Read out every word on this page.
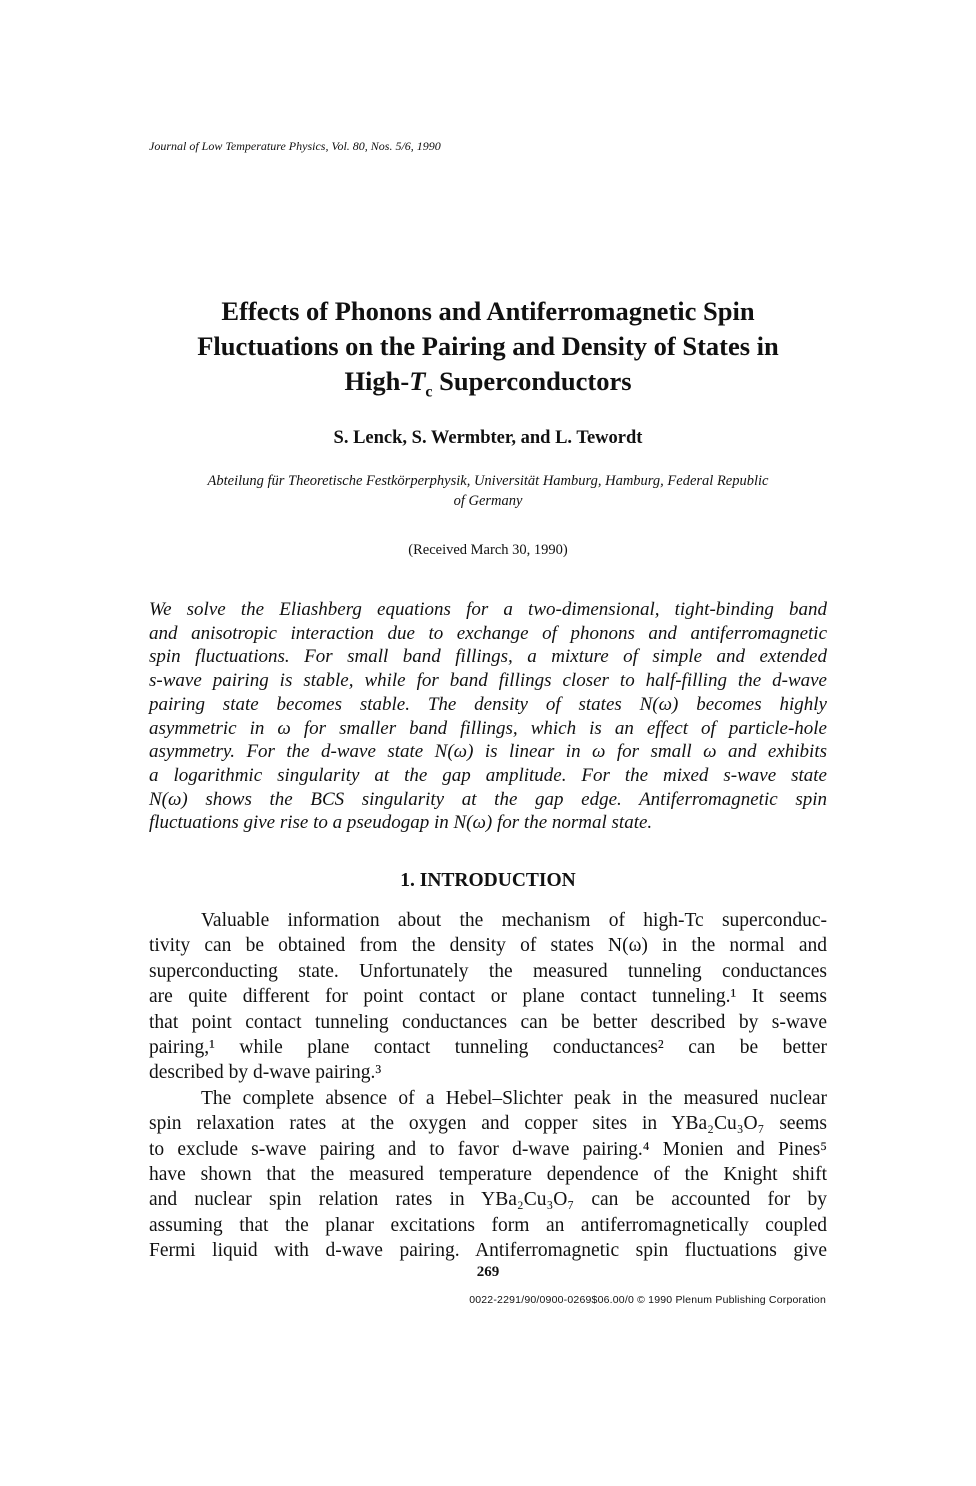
Journal of Low Temperature Physics, Vol. 80, Nos. 5/6, 1990
Effects of Phonons and Antiferromagnetic Spin
Fluctuations on the Pairing and Density of States in
High-$T_c$ Superconductors
S. Lenck, S. Wermbter, and L. Tewordt
Abteilung für Theoretische Festkörperphysik, Universität Hamburg, Hamburg, Federal Republic
of Germany
(Received March 30, 1990)
We solve the Eliashberg equations for a two-dimensional, tight-binding band
and anisotropic interaction due to exchange of phonons and antiferromagnetic
spin fluctuations. For small band fillings, a mixture of simple and extended
s-wave pairing is stable, while for band fillings closer to half-filling the d-wave
pairing state becomes stable. The density of states N(ω) becomes highly
asymmetric in ω for smaller band fillings, which is an effect of particle-hole
asymmetry. For the d-wave state N(ω) is linear in ω for small ω and exhibits
a logarithmic singularity at the gap amplitude. For the mixed s-wave state
N(ω) shows the BCS singularity at the gap edge. Antiferromagnetic spin
fluctuations give rise to a pseudogap in N(ω) for the normal state.
1. INTRODUCTION
Valuable information about the mechanism of high-Tc superconduc-
tivity can be obtained from the density of states N(ω) in the normal and
superconducting state. Unfortunately the measured tunneling conductances
are quite different for point contact or plane contact tunneling.¹ It seems
that point contact tunneling conductances can be better described by s-wave
pairing,¹ while plane contact tunneling conductances² can be better
described by d-wave pairing.³
The complete absence of a Hebel–Slichter peak in the measured nuclear
spin relaxation rates at the oxygen and copper sites in YBa₂Cu₃O₇ seems
to exclude s-wave pairing and to favor d-wave pairing.⁴ Monien and Pines⁵
have shown that the measured temperature dependence of the Knight shift
and nuclear spin relation rates in YBa₂Cu₃O₇ can be accounted for by
assuming that the planar excitations form an antiferromagnetically coupled
Fermi liquid with d-wave pairing. Antiferromagnetic spin fluctuations give
269
0022-2291/90/0900-0269$06.00/0 © 1990 Plenum Publishing Corporation
